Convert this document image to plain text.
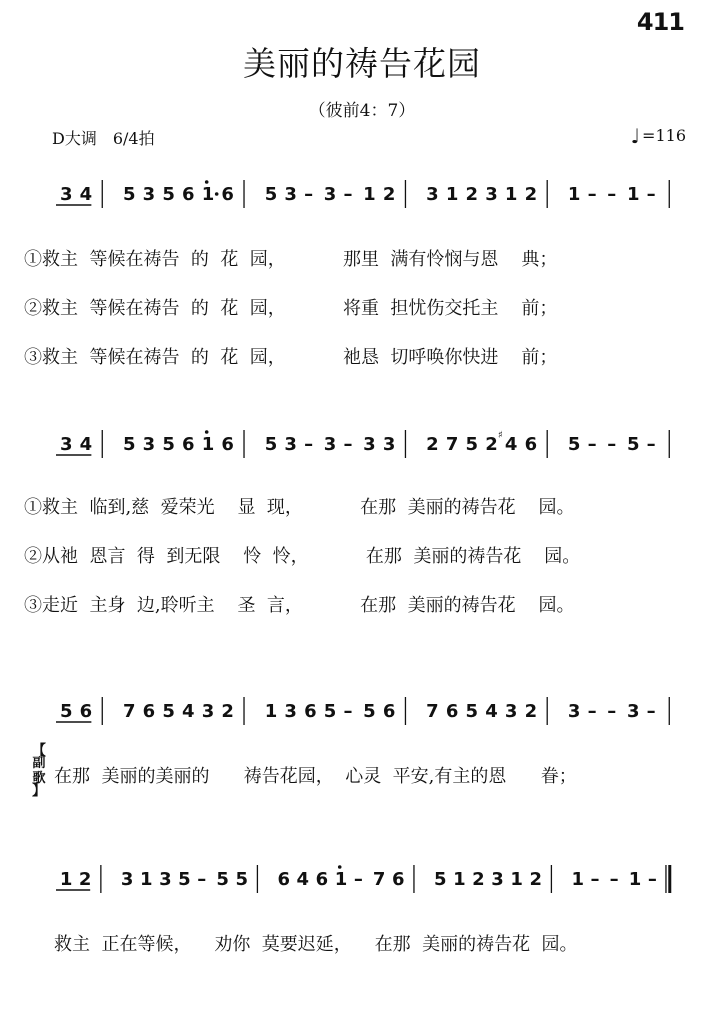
411
美丽的祷告花园
（彼前4：7）
D大调　6/4拍	♩ =116
3 4 5 3 5 6 1 6 5 3 – 3 – 1 2 3 1 2 3 1 2 1 – – 1 –
①救主  等候在祷告  的  花  园，          那里  满有怜悯与恩    典；
②救主  等候在祷告  的  花  园，          将重  担忧伤交托主    前；
③救主  等候在祷告  的  花  园，          祂恳  切呼唤你快进    前；
3 4 5 3 5 6 1 6 5 3 – 3 – 3 3 2 7 5 2 4
♯ 6 5 – – 5 –
①救主  临到,慈  爱荣光    显  现，          在那  美丽的祷告花    园。
②从祂  恩言  得  到无限    怜  怜，          在那  美丽的祷告花    园。
③走近  主身  边,聆听主    圣  言，          在那  美丽的祷告花    园。
5 6 7 6 5 4 3 2 1 3 6 5 – 5 6 7 6 5 4 3 2 3 – – 3 –
【
副歌
】
在那  美丽的美丽的      祷告花园，  心灵  平安,有主的恩      眷；
1 2 3 1 3 5 – 5 5 6 4 6 1 – 7 6 5 1 2 3 1 2 1 – – 1 –
救主  正在等候，    劝你  莫要迟延，    在那  美丽的祷告花  园。
